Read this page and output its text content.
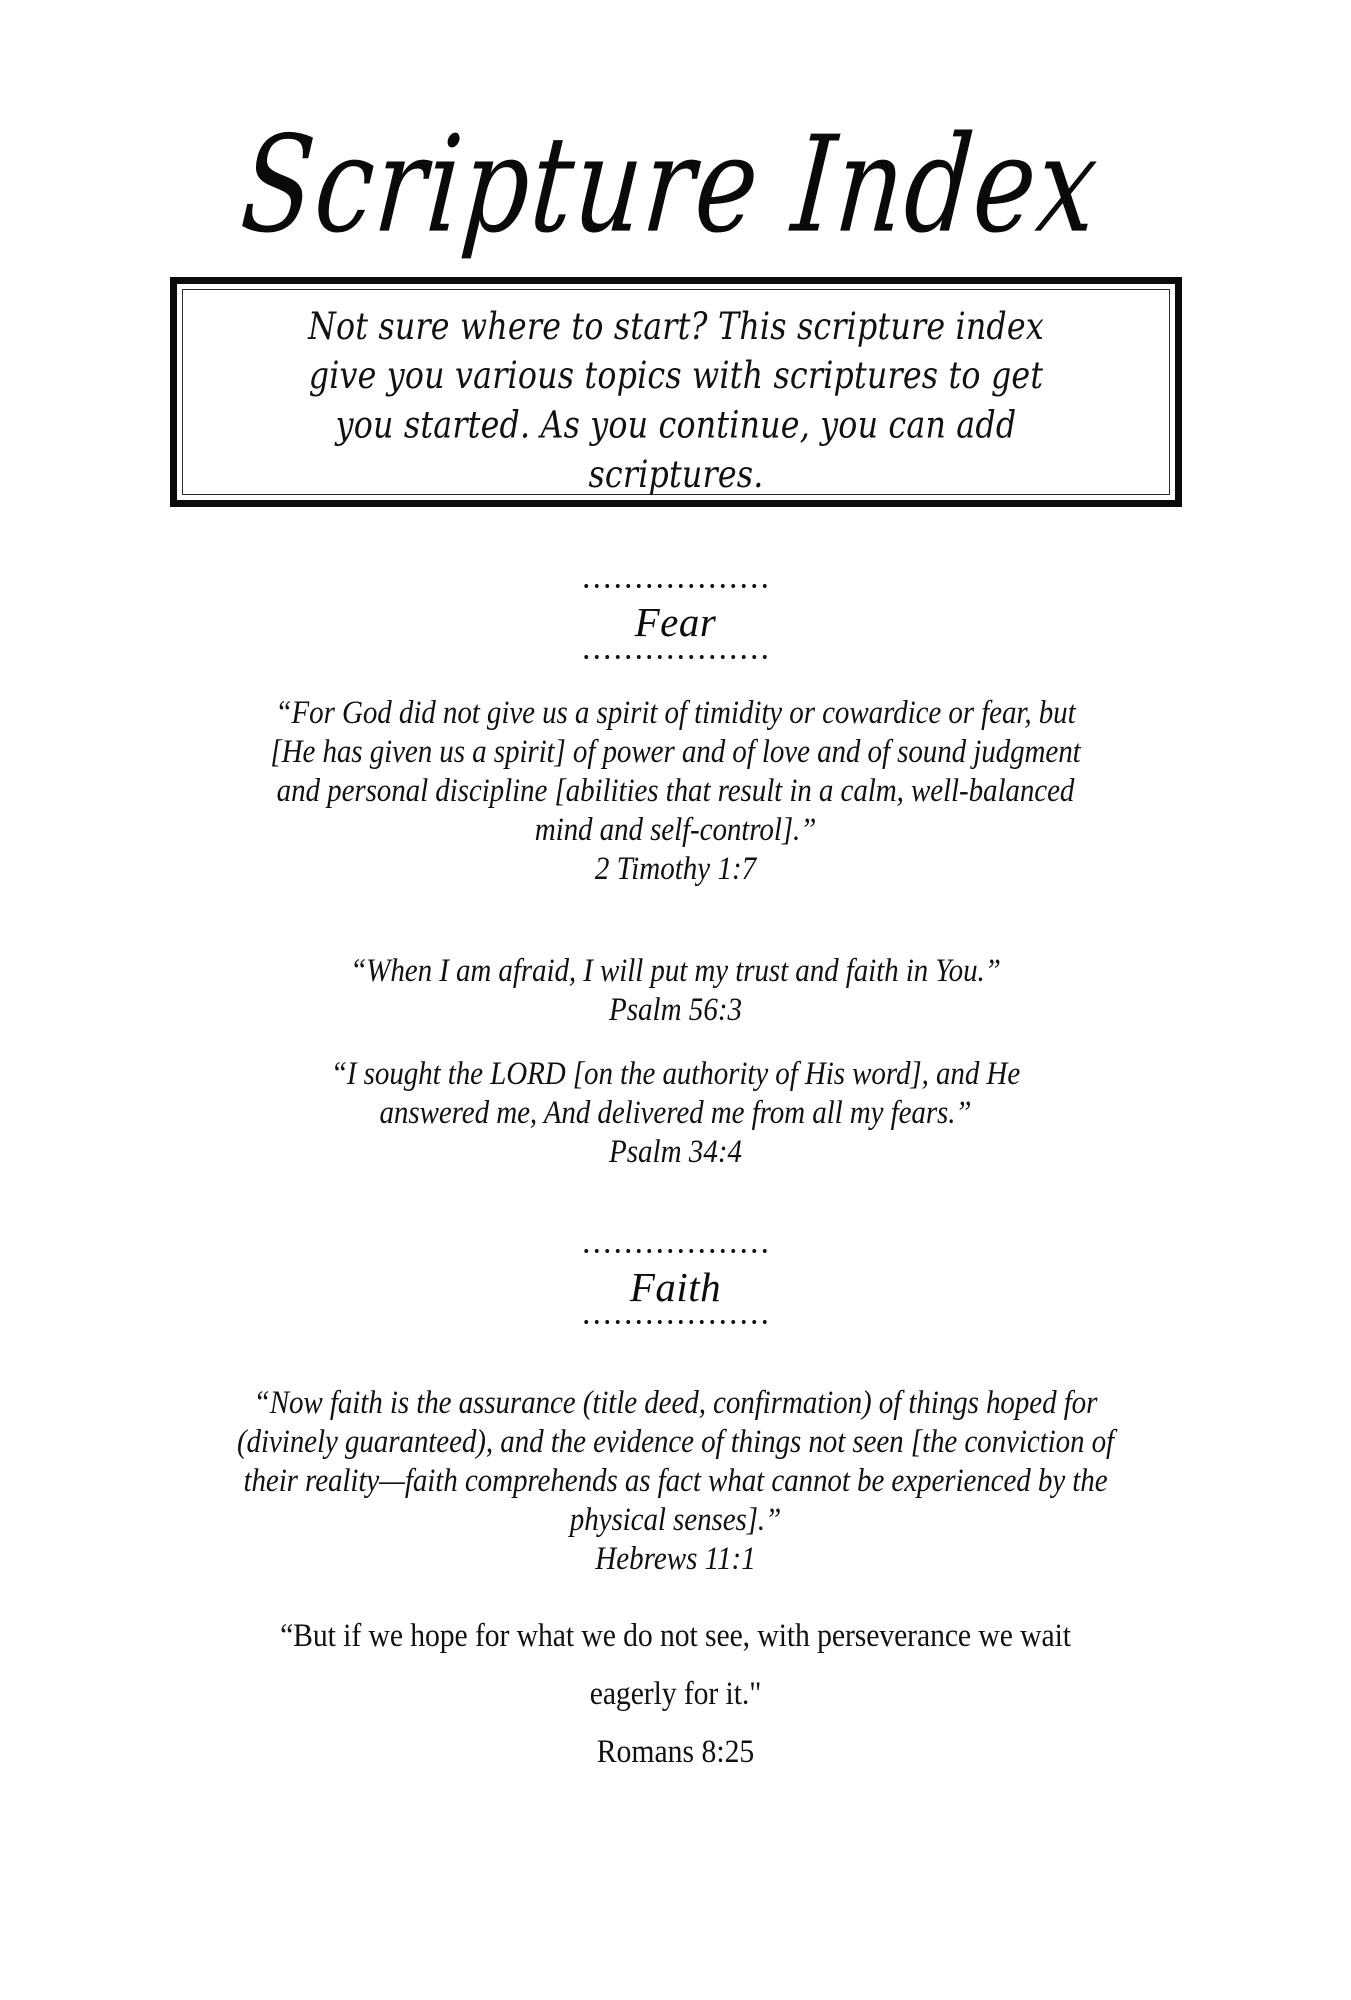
Scripture Index
Not sure where to start? This scripture index
give you various topics with scriptures to get
you started. As you continue, you can add
scriptures.
Fear
“For God did not give us a spirit of timidity or cowardice or fear, but
[He has given us a spirit] of power and of love and of sound judgment
and personal discipline [abilities that result in a calm, well-balanced
mind and self-control].”
2 Timothy 1:7
“When I am afraid, I will put my trust and faith in You.”
Psalm 56:3
“I sought the LORD [on the authority of His word], and He
answered me, And delivered me from all my fears.”
Psalm 34:4
Faith
“Now faith is the assurance (title deed, confirmation) of things hoped for
(divinely guaranteed), and the evidence of things not seen [the conviction of
their reality—faith comprehends as fact what cannot be experienced by the
physical senses].”
Hebrews 11:1
“But if we hope for what we do not see, with perseverance we wait
eagerly for it."
Romans 8:25
